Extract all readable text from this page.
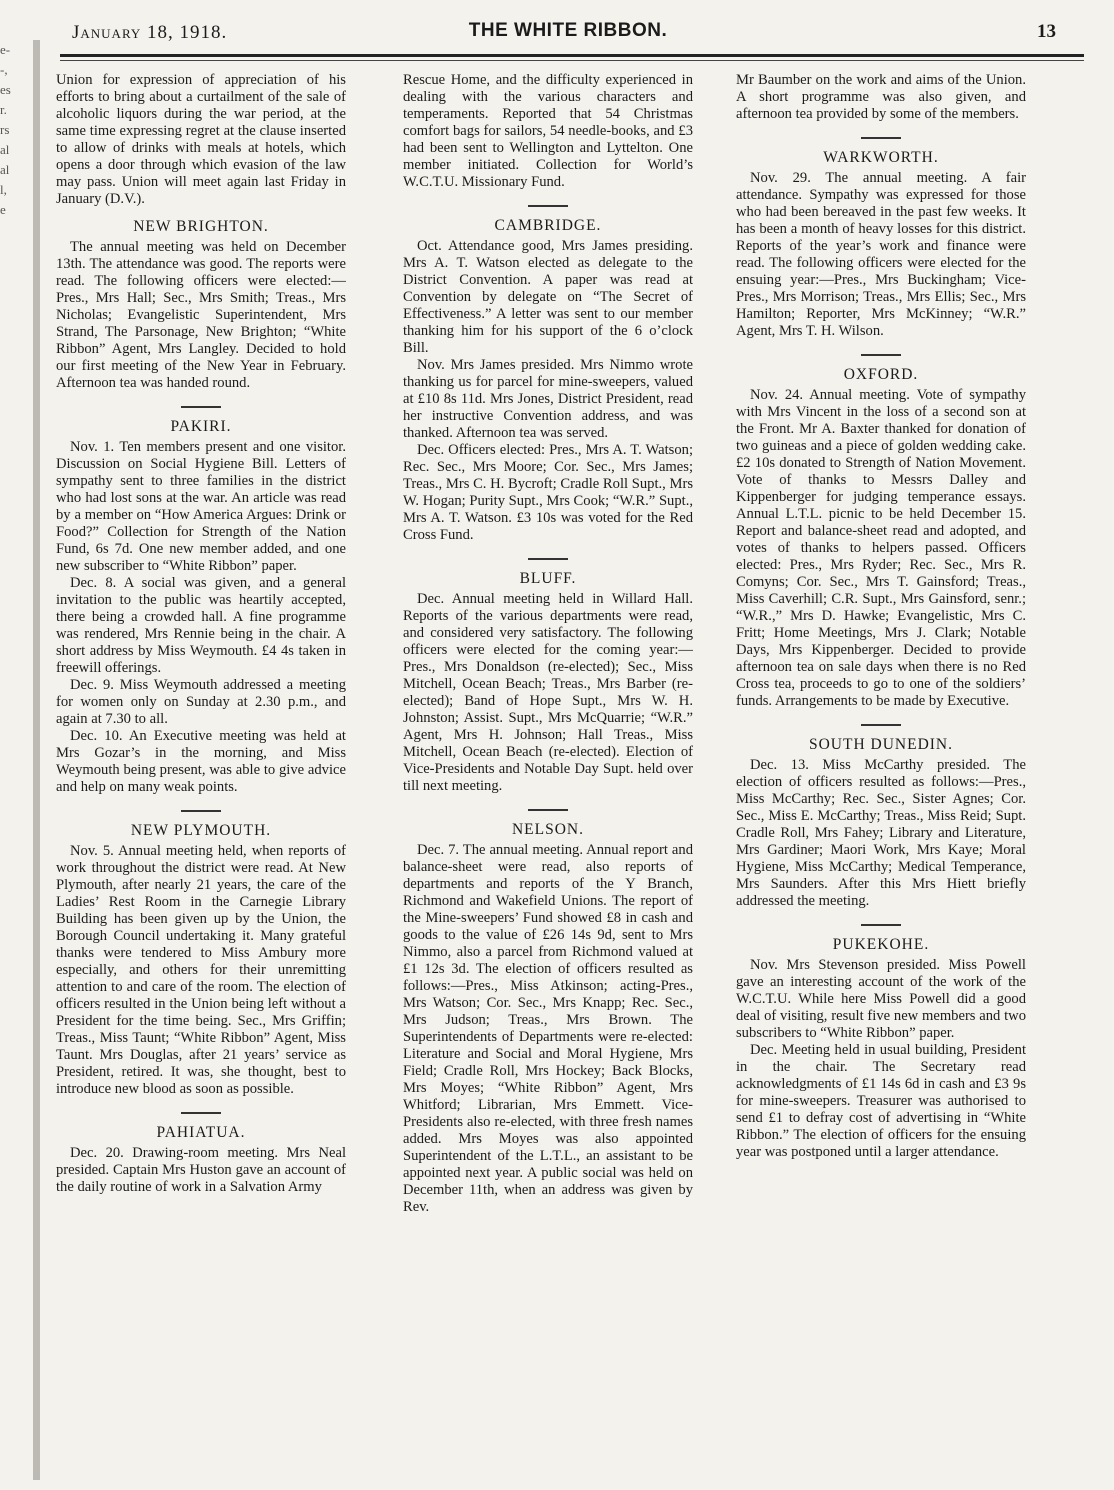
e-
-,
es
r.
rs
al
al
l,
e
January 18, 1918.	THE WHITE RIBBON.	13

Union for expression of appreciation of his efforts to bring about a curtailment of the sale of alcoholic liquors during the war period, at the same time expressing regret at the clause inserted to allow of drinks with meals at hotels, which opens a door through which evasion of the law may pass. Union will meet again last Friday in January (D.V.).

NEW BRIGHTON.

The annual meeting was held on December 13th. The attendance was good. The reports were read. The following officers were elected:—Pres., Mrs Hall; Sec., Mrs Smith; Treas., Mrs Nicholas; Evangelistic Superintendent, Mrs Strand, The Parsonage, New Brighton; “White Ribbon” Agent, Mrs Langley. Decided to hold our first meeting of the New Year in February. Afternoon tea was handed round.

PAKIRI.

Nov. 1. Ten members present and one visitor. Discussion on Social Hygiene Bill. Letters of sympathy sent to three families in the district who had lost sons at the war. An article was read by a member on “How America Argues: Drink or Food?” Collection for Strength of the Nation Fund, 6s 7d. One new member added, and one new subscriber to “White Ribbon” paper.

Dec. 8. A social was given, and a general invitation to the public was heartily accepted, there being a crowded hall. A fine programme was rendered, Mrs Rennie being in the chair. A short address by Miss Weymouth. £4 4s taken in freewill offerings.

Dec. 9. Miss Weymouth addressed a meeting for women only on Sunday at 2.30 p.m., and again at 7.30 to all.

Dec. 10. An Executive meeting was held at Mrs Gozar’s in the morning, and Miss Weymouth being present, was able to give advice and help on many weak points.

NEW PLYMOUTH.

Nov. 5. Annual meeting held, when reports of work throughout the district were read. At New Plymouth, after nearly 21 years, the care of the Ladies’ Rest Room in the Carnegie Library Building has been given up by the Union, the Borough Council undertaking it. Many grateful thanks were tendered to Miss Ambury more especially, and others for their unremitting attention to and care of the room. The election of officers resulted in the Union being left without a President for the time being. Sec., Mrs Griffin; Treas., Miss Taunt; “White Ribbon” Agent, Miss Taunt. Mrs Douglas, after 21 years’ service as President, retired. It was, she thought, best to introduce new blood as soon as possible.

PAHIATUA.

Dec. 20. Drawing-room meeting. Mrs Neal presided. Captain Mrs Huston gave an account of the daily routine of work in a Salvation Army

Rescue Home, and the difficulty experienced in dealing with the various characters and temperaments. Reported that 54 Christmas comfort bags for sailors, 54 needle-books, and £3 had been sent to Wellington and Lyttelton. One member initiated. Collection for World’s W.C.T.U. Missionary Fund.

CAMBRIDGE.

Oct. Attendance good, Mrs James presiding. Mrs A. T. Watson elected as delegate to the District Convention. A paper was read at Convention by delegate on “The Secret of Effectiveness.” A letter was sent to our member thanking him for his support of the 6 o’clock Bill.

Nov. Mrs James presided. Mrs Nimmo wrote thanking us for parcel for mine-sweepers, valued at £10 8s 11d. Mrs Jones, District President, read her instructive Convention address, and was thanked. Afternoon tea was served.

Dec. Officers elected: Pres., Mrs A. T. Watson; Rec. Sec., Mrs Moore; Cor. Sec., Mrs James; Treas., Mrs C. H. Bycroft; Cradle Roll Supt., Mrs W. Hogan; Purity Supt., Mrs Cook; “W.R.” Supt., Mrs A. T. Watson. £3 10s was voted for the Red Cross Fund.

BLUFF.

Dec. Annual meeting held in Willard Hall. Reports of the various departments were read, and considered very satisfactory. The following officers were elected for the coming year:—Pres., Mrs Donaldson (re-elected); Sec., Miss Mitchell, Ocean Beach; Treas., Mrs Barber (re-elected); Band of Hope Supt., Mrs W. H. Johnston; Assist. Supt., Mrs McQuarrie; “W.R.” Agent, Mrs H. Johnson; Hall Treas., Miss Mitchell, Ocean Beach (re-elected). Election of Vice-Presidents and Notable Day Supt. held over till next meeting.

NELSON.

Dec. 7. The annual meeting. Annual report and balance-sheet were read, also reports of departments and reports of the Y Branch, Richmond and Wakefield Unions. The report of the Mine-sweepers’ Fund showed £8 in cash and goods to the value of £26 14s 9d, sent to Mrs Nimmo, also a parcel from Richmond valued at £1 12s 3d. The election of officers resulted as follows:—Pres., Miss Atkinson; acting-Pres., Mrs Watson; Cor. Sec., Mrs Knapp; Rec. Sec., Mrs Judson; Treas., Mrs Brown. The Superintendents of Departments were re-elected: Literature and Social and Moral Hygiene, Mrs Field; Cradle Roll, Mrs Hockey; Back Blocks, Mrs Moyes; “White Ribbon” Agent, Mrs Whitford; Librarian, Mrs Emmett. Vice-Presidents also re-elected, with three fresh names added. Mrs Moyes was also appointed Superintendent of the L.T.L., an assistant to be appointed next year. A public social was held on December 11th, when an address was given by Rev.

Mr Baumber on the work and aims of the Union. A short programme was also given, and afternoon tea provided by some of the members.

WARKWORTH.

Nov. 29. The annual meeting. A fair attendance. Sympathy was expressed for those who had been bereaved in the past few weeks. It has been a month of heavy losses for this district. Reports of the year’s work and finance were read. The following officers were elected for the ensuing year:—Pres., Mrs Buckingham; Vice-Pres., Mrs Morrison; Treas., Mrs Ellis; Sec., Mrs Hamilton; Reporter, Mrs McKinney; “W.R.” Agent, Mrs T. H. Wilson.

OXFORD.

Nov. 24. Annual meeting. Vote of sympathy with Mrs Vincent in the loss of a second son at the Front. Mr A. Baxter thanked for donation of two guineas and a piece of golden wedding cake. £2 10s donated to Strength of Nation Movement. Vote of thanks to Messrs Dalley and Kippenberger for judging temperance essays. Annual L.T.L. picnic to be held December 15. Report and balance-sheet read and adopted, and votes of thanks to helpers passed. Officers elected: Pres., Mrs Ryder; Rec. Sec., Mrs R. Comyns; Cor. Sec., Mrs T. Gainsford; Treas., Miss Caverhill; C.R. Supt., Mrs Gainsford, senr.; “W.R.,” Mrs D. Hawke; Evangelistic, Mrs C. Fritt; Home Meetings, Mrs J. Clark; Notable Days, Mrs Kippenberger. Decided to provide afternoon tea on sale days when there is no Red Cross tea, proceeds to go to one of the soldiers’ funds. Arrangements to be made by Executive.

SOUTH DUNEDIN.

Dec. 13. Miss McCarthy presided. The election of officers resulted as follows:—Pres., Miss McCarthy; Rec. Sec., Sister Agnes; Cor. Sec., Miss E. McCarthy; Treas., Miss Reid; Supt. Cradle Roll, Mrs Fahey; Library and Literature, Mrs Gardiner; Maori Work, Mrs Kaye; Moral Hygiene, Miss McCarthy; Medical Temperance, Mrs Saunders. After this Mrs Hiett briefly addressed the meeting.

PUKEKOHE.

Nov. Mrs Stevenson presided. Miss Powell gave an interesting account of the work of the W.C.T.U. While here Miss Powell did a good deal of visiting, result five new members and two subscribers to “White Ribbon” paper.

Dec. Meeting held in usual building, President in the chair. The Secretary read acknowledgments of £1 14s 6d in cash and £3 9s for mine-sweepers. Treasurer was authorised to send £1 to defray cost of advertising in “White Ribbon.” The election of officers for the ensuing year was postponed until a larger attendance.
